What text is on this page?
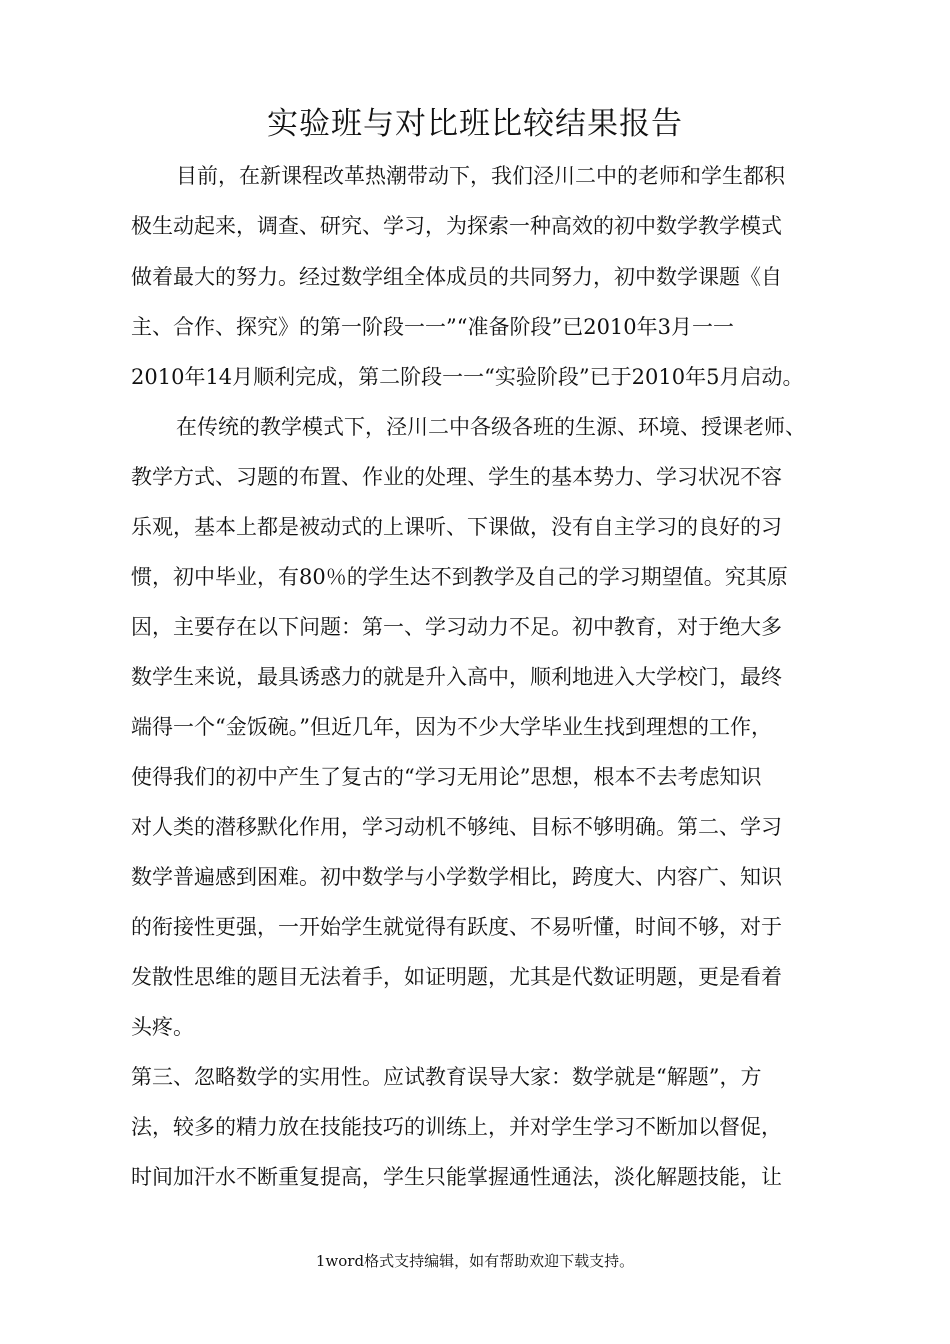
实验班与对比班比较结果报告

目前，在新课程改革热潮带动下，我们泾川二中的老师和学生都积

极生动起来，调查、研究、学习，为探索一种高效的初中数学教学模式

做着最大的努力。经过数学组全体成员的共同努力，初中数学课题《自

主、合作、探究》的第一阶段一一”“准备阶段”已2010年3月一一

2010年14月顺利完成，第二阶段一一“实验阶段”已于2010年5月启动。

在传统的教学模式下，泾川二中各级各班的生源、环境、授课老师、

教学方式、习题的布置、作业的处理、学生的基本势力、学习状况不容

乐观，基本上都是被动式的上课听、下课做，没有自主学习的良好的习

惯，初中毕业，有80％的学生达不到教学及自己的学习期望值。究其原

因，主要存在以下问题：第一、学习动力不足。初中教育，对于绝大多

数学生来说，最具诱惑力的就是升入高中，顺利地进入大学校门，最终

端得一个“金饭碗。”但近几年，因为不少大学毕业生找到理想的工作，

使得我们的初中产生了复古的“学习无用论”思想，根本不去考虑知识

对人类的潜移默化作用，学习动机不够纯、目标不够明确。第二、学习

数学普遍感到困难。初中数学与小学数学相比，跨度大、内容广、知识

的衔接性更强，一开始学生就觉得有跃度、不易听懂，时间不够，对于

发散性思维的题目无法着手，如证明题，尤其是代数证明题，更是看着

头疼。

第三、忽略数学的实用性。应试教育误导大家：数学就是“解题”，方

法，较多的精力放在技能技巧的训练上，并对学生学习不断加以督促，

时间加汗水不断重复提高，学生只能掌握通性通法，淡化解题技能，让

1word格式支持编辑，如有帮助欢迎下载支持。
